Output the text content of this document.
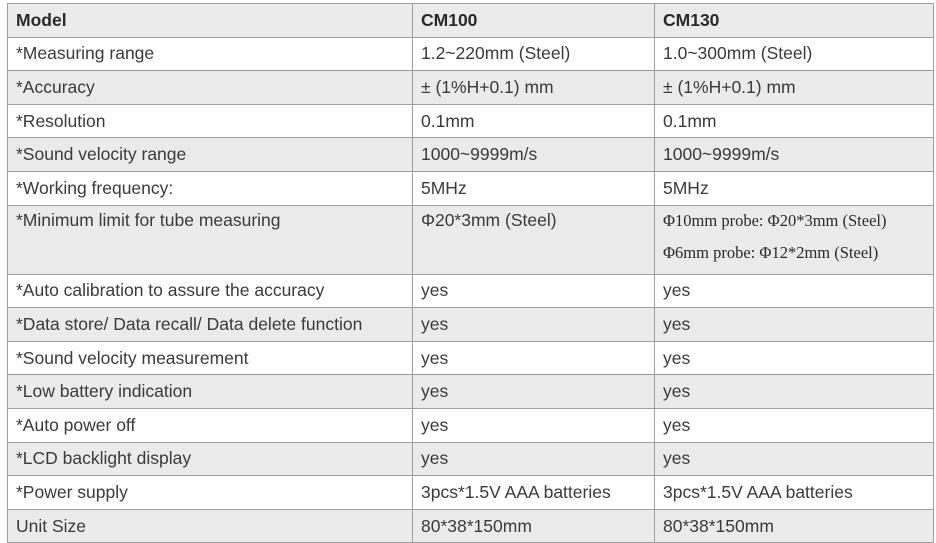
Model	CM100	CM130
*Measuring range	1.2~220mm (Steel)	1.0~300mm (Steel)
*Accuracy	± (1%H+0.1) mm	± (1%H+0.1) mm
*Resolution	0.1mm	0.1mm
*Sound velocity range	1000~9999m/s	1000~9999m/s
*Working frequency:	5MHz	5MHz
*Minimum limit for tube measuring	Φ20*3mm (Steel)	Φ10mm probe: Φ20*3mm (Steel)
Φ6mm probe: Φ12*2mm (Steel)

*Auto calibration to assure the accuracy	yes	yes
*Data store/ Data recall/ Data delete function	yes	yes
*Sound velocity measurement	yes	yes
*Low battery indication	yes	yes
*Auto power off	yes	yes
*LCD backlight display	yes	yes
*Power supply	3pcs*1.5V AAA batteries	3pcs*1.5V AAA batteries
Unit Size	80*38*150mm	80*38*150mm
